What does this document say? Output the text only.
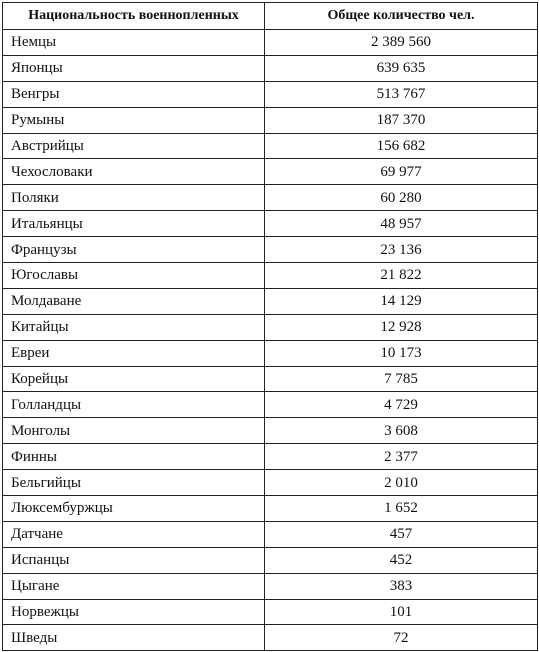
Национальность военнопленных	Общее количество чел.
Немцы	2 389 560
Японцы	639 635
Венгры	513 767
Румыны	187 370
Австрийцы	156 682
Чехословаки	69 977
Поляки	60 280
Итальянцы	48 957
Французы	23 136
Югославы	21 822
Молдаване	14 129
Китайцы	12 928
Евреи	10 173
Корейцы	7 785
Голландцы	4 729
Монголы	3 608
Финны	2 377
Бельгийцы	2 010
Люксембуржцы	1 652
Датчане	457
Испанцы	452
Цыгане	383
Норвежцы	101
Шведы	72
